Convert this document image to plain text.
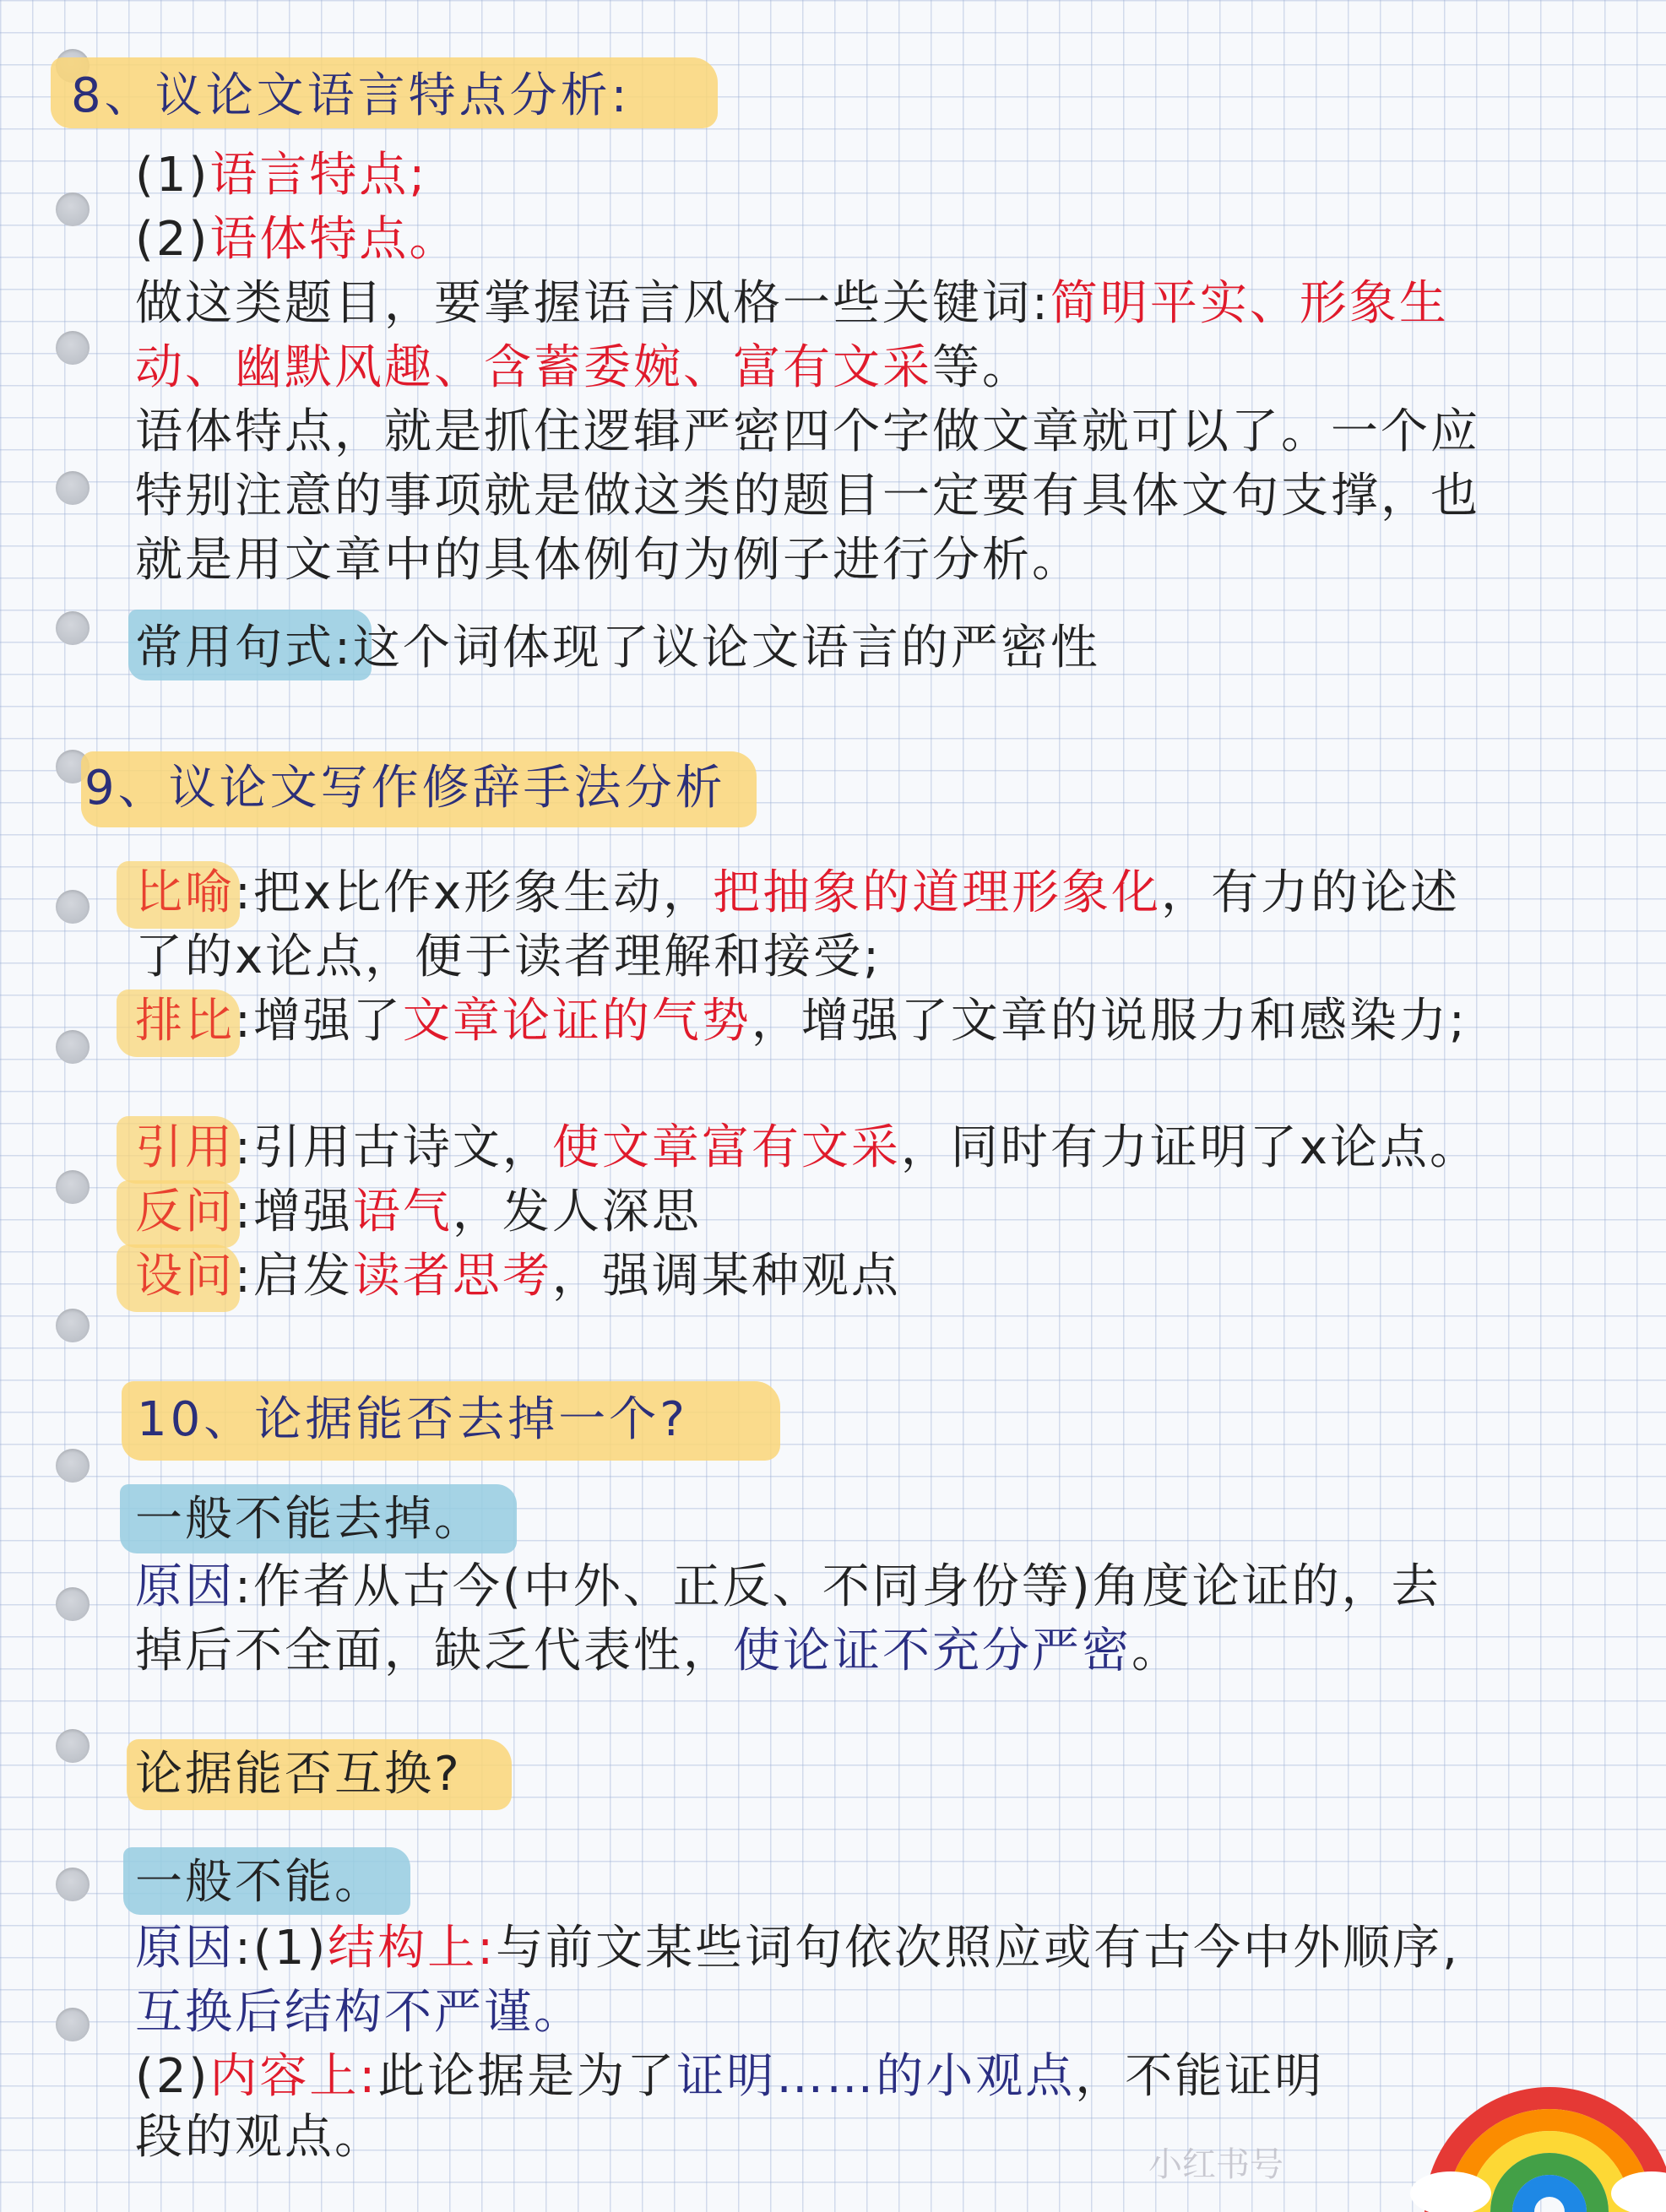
8、议论文语言特点分析:
(1)语言特点;
(2)语体特点。
做这类题目，要掌握语言风格一些关键词:简明平实、形象生
动、幽默风趣、含蓄委婉、富有文采等。
语体特点，就是抓住逻辑严密四个字做文章就可以了。一个应
特别注意的事项就是做这类的题目一定要有具体文句支撑，也
就是用文章中的具体例句为例子进行分析。
常用句式:这个词体现了议论文语言的严密性
9、议论文写作修辞手法分析
比喻:把x比作x形象生动，把抽象的道理形象化，有力的论述
了的x论点，便于读者理解和接受;
排比:增强了文章论证的气势，增强了文章的说服力和感染力;
引用:引用古诗文，使文章富有文采，同时有力证明了x论点。
反问:增强语气，发人深思
设问:启发读者思考，强调某种观点
10、论据能否去掉一个?
一般不能去掉。
原因:作者从古今(中外、正反、不同身份等)角度论证的，去
掉后不全面，缺乏代表性，使论证不充分严密。
论据能否互换?
一般不能。
原因:(1)结构上:与前文某些词句依次照应或有古今中外顺序,
互换后结构不严谨。
(2)内容上:此论据是为了证明……的小观点，不能证明
段的观点。	小红书号
